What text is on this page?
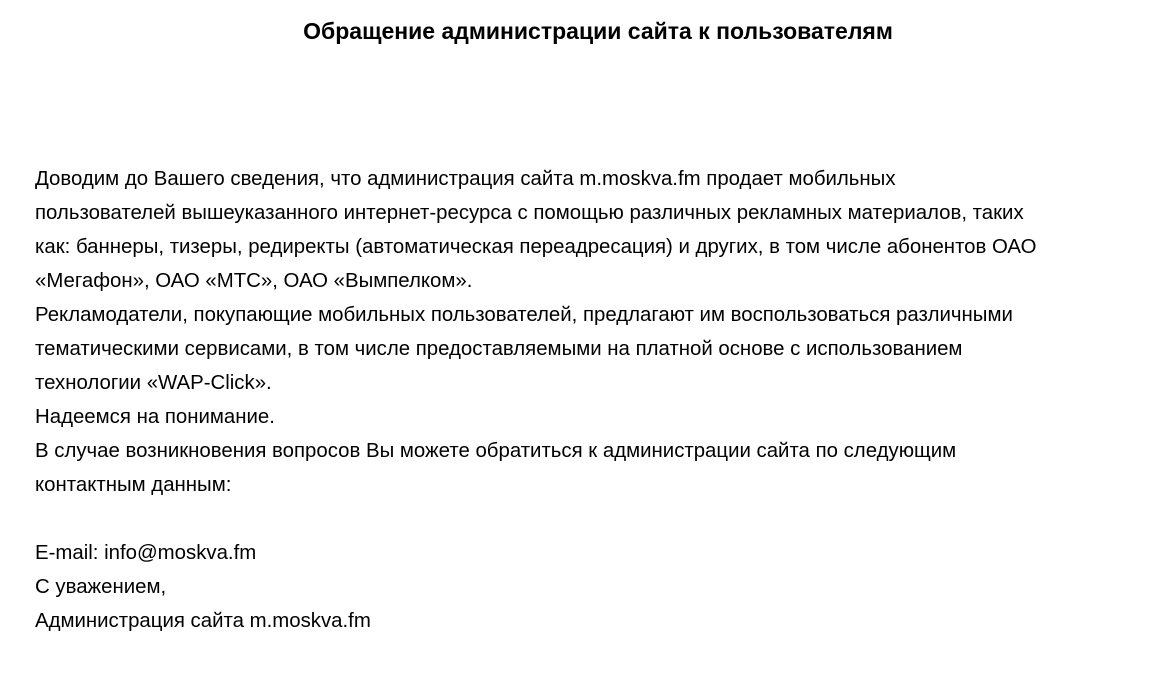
Обращение администрации сайта к пользователям
Доводим до Вашего сведения, что администрация сайта m.moskva.fm продает мобильных
пользователей вышеуказанного интернет-ресурса с помощью различных рекламных материалов, таких
как: баннеры, тизеры, редиректы (автоматическая переадресация) и других, в том числе абонентов ОАО
«Мегафон», ОАО «МТС», ОАО «Вымпелком».
Рекламодатели, покупающие мобильных пользователей, предлагают им воспользоваться различными
тематическими сервисами, в том числе предоставляемыми на платной основе с использованием
технологии «WAP-Click».
Надеемся на понимание.
В случае возникновения вопросов Вы можете обратиться к администрации сайта по следующим
контактным данным:
E-mail: info@moskva.fm
С уважением,
Администрация сайта m.moskva.fm
